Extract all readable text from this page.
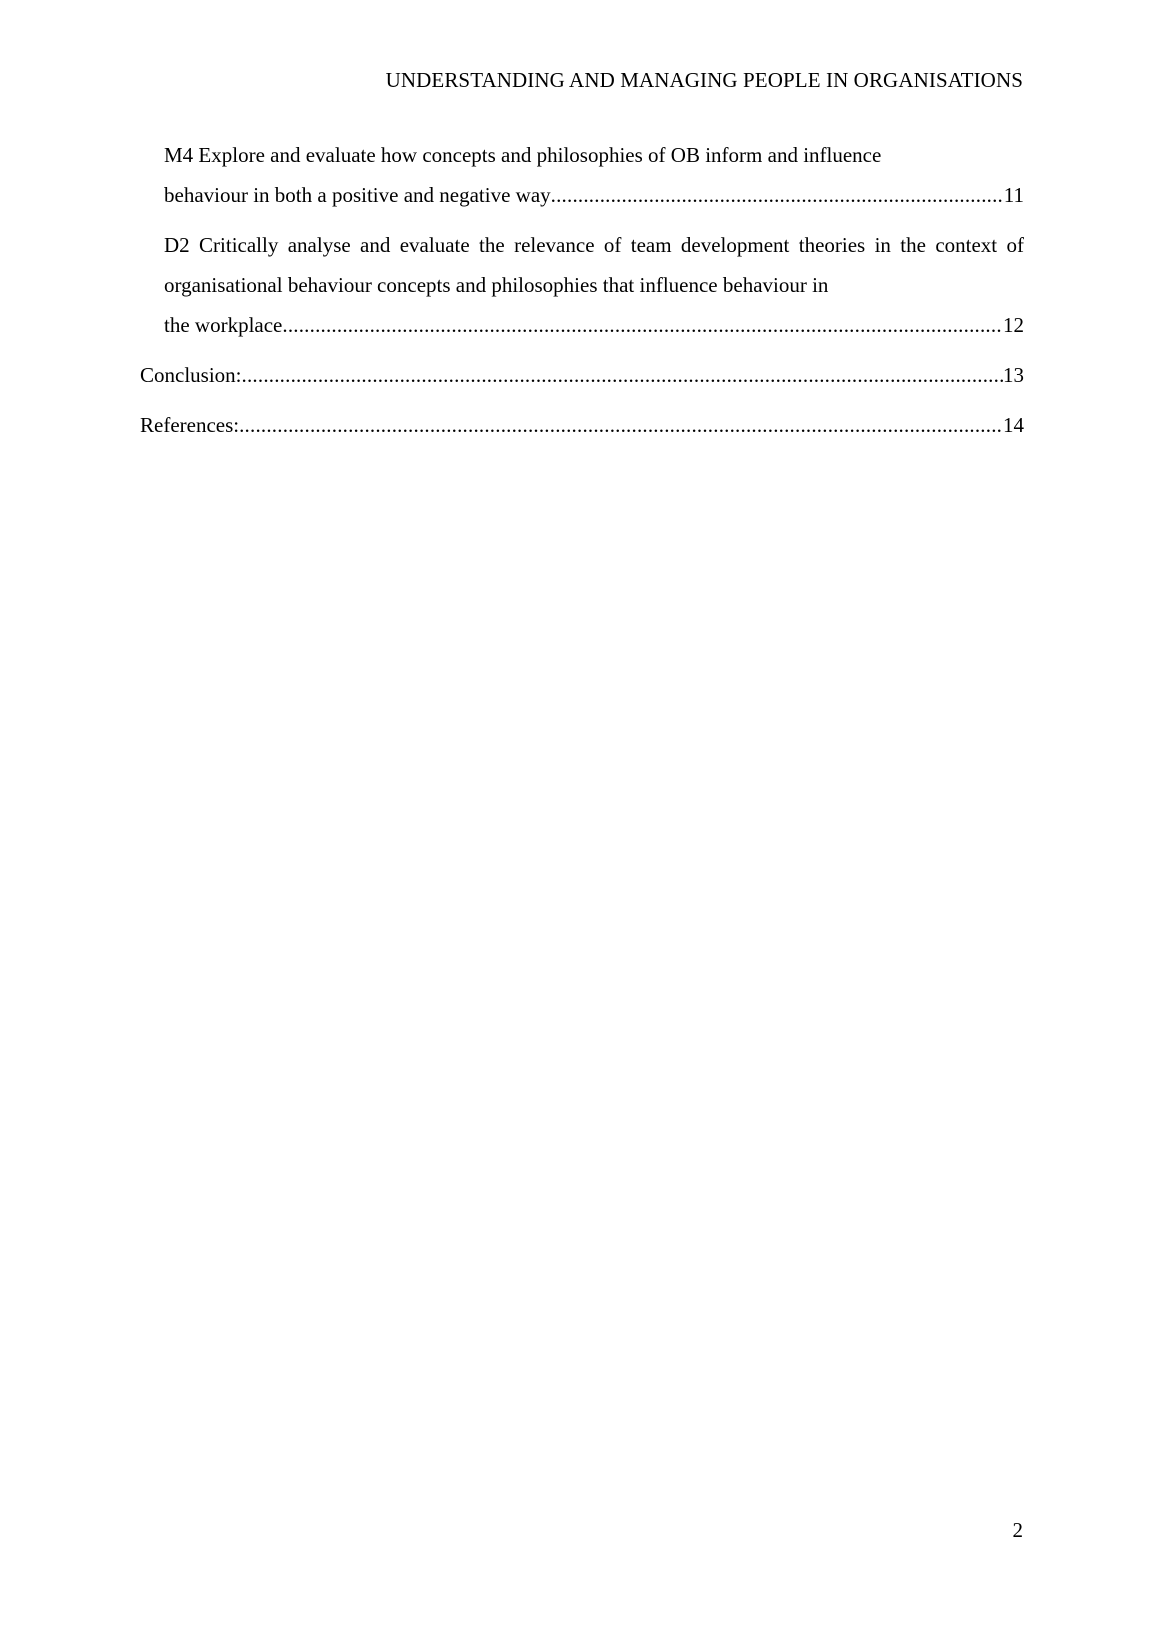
UNDERSTANDING AND MANAGING PEOPLE IN ORGANISATIONS
M4 Explore and evaluate how concepts and philosophies of OB inform and influence
behaviour in both a positive and negative way .....	11
D2 Critically analyse and evaluate the relevance of team development theories in the context of organisational behaviour concepts and philosophies that influence behaviour in
the workplace .....	12
Conclusion: .....	13
References: .....	14
2
